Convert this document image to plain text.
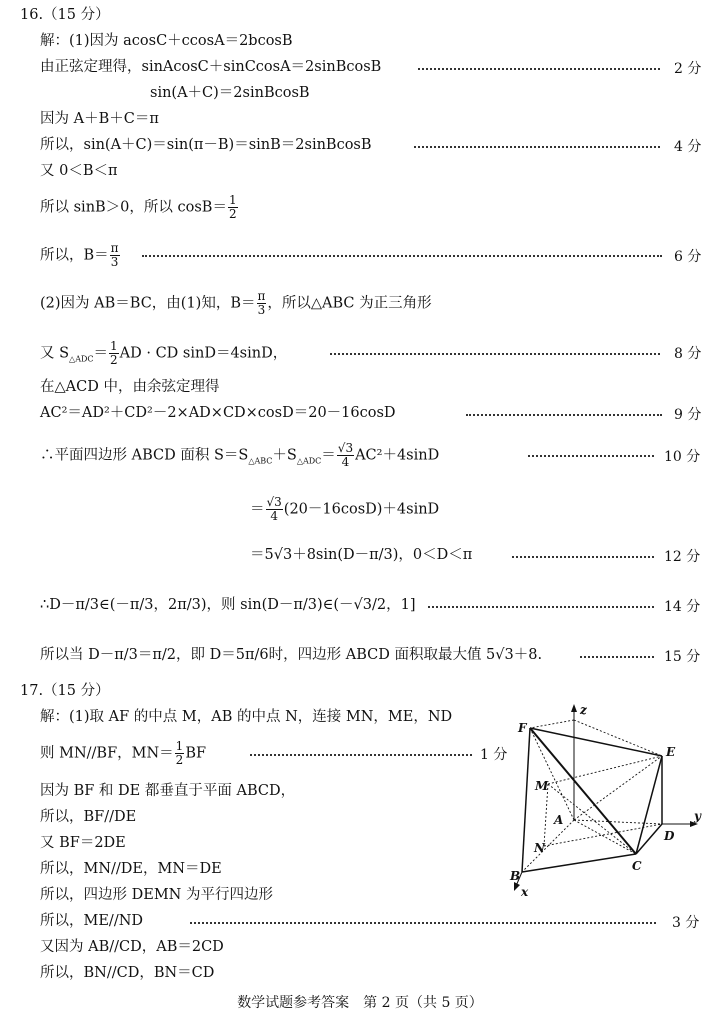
16.（15 分）
解：(1)因为 acosC＋ccosA＝2bcosB
由正弦定理得，sinAcosC＋sinCcosA＝2sinBcosB	2 分
sin(A＋C)＝2sinBcosB
因为 A＋B＋C＝π
所以，sin(A＋C)＝sin(π－B)＝sinB＝2sinBcosB	4 分
又 0＜B＜π
所以 sinB＞0，所以 $\cos B= \frac{1}{2}$
所以，$B= \frac{\pi}{3}$	6 分
(2)因为 AB＝BC，由(1)知，$B= \frac{\pi}{3}$ ，所以△ABC 为正三角形
又 $S_{\triangle ADC}= \frac{1}{2}$ AD · CD sinD＝4sinD，	8 分
在△ACD 中，由余弦定理得
AC²＝AD²＋CD²－2×AD×CD×cosD＝20－16cosD	9 分
∴平面四边形 ABCD 面积 $S=S_{\triangle ABC}+S_{\triangle ADC}= \frac{√3}{4} AC^2+4\sin D$	10 分
＝ $\frac{√3}{4} (20-16\cos D)+4\sin D$
＝5√3＋8sin(D－π/3)，0＜D＜π	12 分
∴D－π/3∈(－π/3，2π/3)，则 sin(D－π/3)∈(－√3/2，1]	14 分
所以当 D－π/3＝π/2，即 D＝5π/6时，四边形 ABCD 面积取最大值 5√3＋8.	15 分
17.（15 分）
解：(1)取 AF 的中点 M，AB 的中点 N，连接 MN，ME，ND
则 MN//BF，$MN= \frac{1}{2}$ BF	1 分
因为 BF 和 DE 都垂直于平面 ABCD，
所以，BF//DE
又 BF＝2DE
所以，MN//DE，MN＝DE
所以，四边形 DEMN 为平行四边形
所以，ME//ND	3 分
又因为 AB//CD，AB＝2CD
所以，BN//CD，BN＝CD
F
E
M
A
D
N
C
B
x
y
z
数学试题参考答案　第 2 页（共 5 页）
